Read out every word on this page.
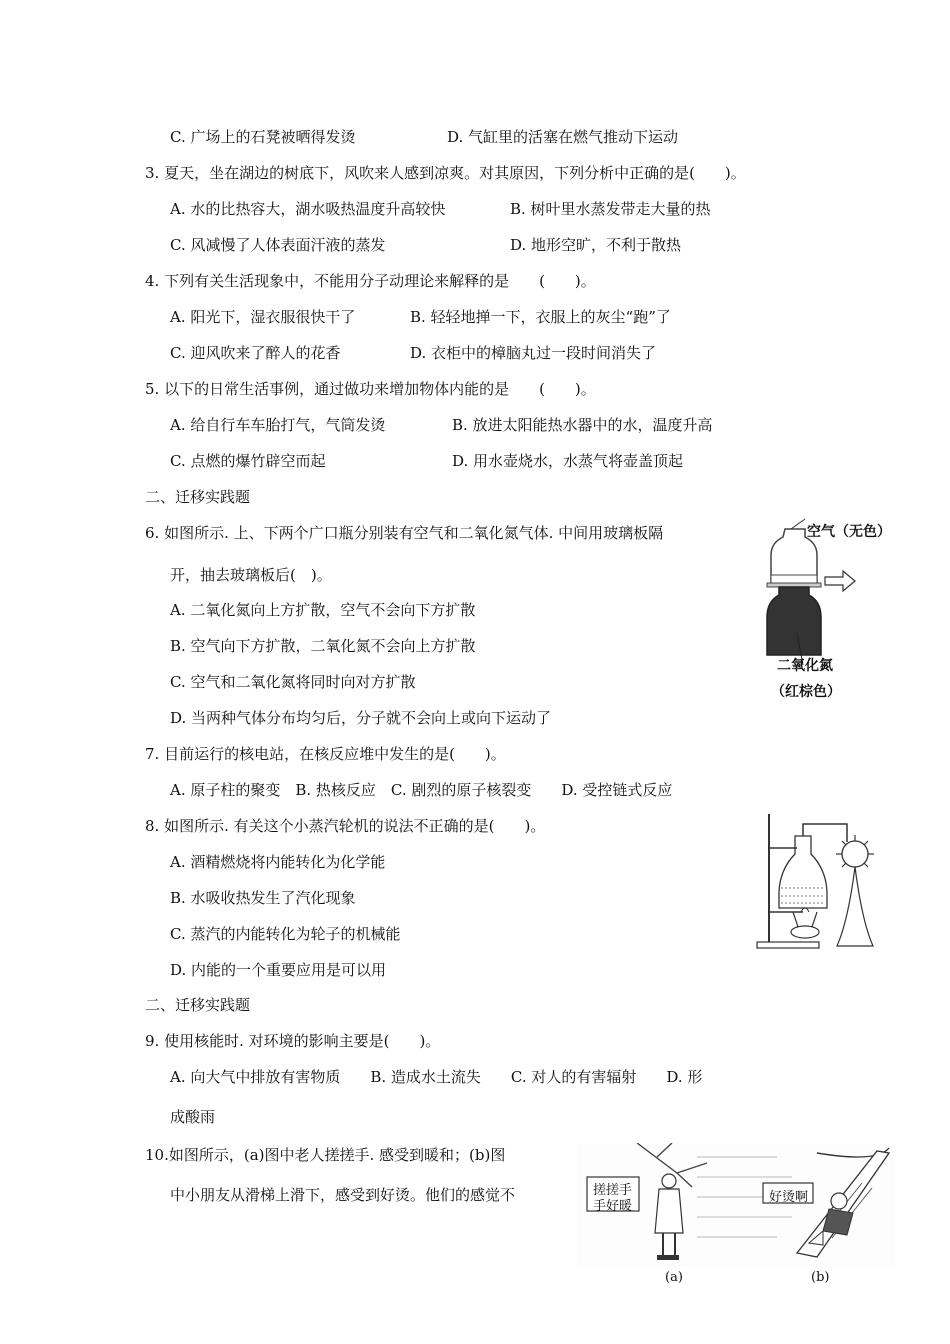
C. 广场上的石凳被晒得发烫	D. 气缸里的活塞在燃气推动下运动
3. 夏天，坐在湖边的树底下，风吹来人感到凉爽。对其原因，下列分析中正确的是(　　)。
A. 水的比热容大，湖水吸热温度升高较快	B. 树叶里水蒸发带走大量的热
C. 风减慢了人体表面汗液的蒸发	D. 地形空旷，不利于散热
4. 下列有关生活现象中，不能用分子动理论来解释的是　　(　　)。
A. 阳光下，湿衣服很快干了	B. 轻轻地掸一下，衣服上的灰尘“跑”了
C. 迎风吹来了醉人的花香	D. 衣柜中的樟脑丸过一段时间消失了
5. 以下的日常生活事例，通过做功来增加物体内能的是　　(　　)。
A. 给自行车车胎打气，气筒发烫	B. 放进太阳能热水器中的水，温度升高
C. 点燃的爆竹辟空而起	D. 用水壶烧水，水蒸气将壶盖顶起
二、迁移实践题
6. 如图所示. 上、下两个广口瓶分别装有空气和二氧化氮气体. 中间用玻璃板隔
开，抽去玻璃板后(　)。
A. 二氧化氮向上方扩散，空气不会向下方扩散
B. 空气向下方扩散，二氧化氮不会向上方扩散
C. 空气和二氧化氮将同时向对方扩散
D. 当两种气体分布均匀后，分子就不会向上或向下运动了
7. 目前运行的核电站，在核反应堆中发生的是(　　)。
A. 原子柱的聚变　B. 热核反应　C. 剧烈的原子核裂变　　D. 受控链式反应
8. 如图所示. 有关这个小蒸汽轮机的说法不正确的是(　　)。
A. 酒精燃烧将内能转化为化学能
B. 水吸收热发生了汽化现象
C. 蒸汽的内能转化为轮子的机械能
D. 内能的一个重要应用是可以用
二、迁移实践题
9. 使用核能时. 对环境的影响主要是(　　)。
A. 向大气中排放有害物质　　B. 造成水土流失　　C. 对人的有害辐射　　D. 形
成酸雨
10.如图所示，(a)图中老人搓搓手. 感受到暖和；(b)图
中小朋友从滑梯上滑下，感受到好烫。他们的感觉不
空气（无色）
二氧化氮
（红棕色）
搓搓手
手好暖
好烫啊
(a)	(b)
